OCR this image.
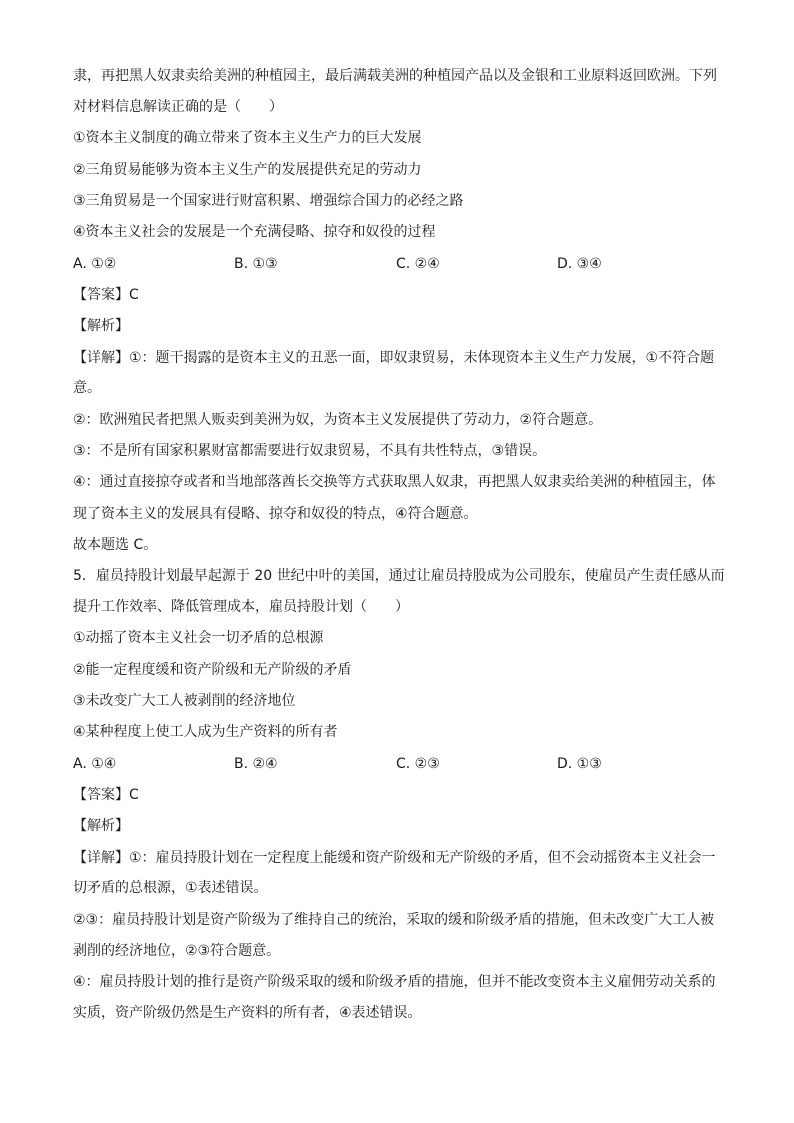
隶，再把黑人奴隶卖给美洲的种植园主，最后满载美洲的种植园产品以及金银和工业原料返回欧洲。下列
对材料信息解读正确的是（　　）
①资本主义制度的确立带来了资本主义生产力的巨大发展
②三角贸易能够为资本主义生产的发展提供充足的劳动力
③三角贸易是一个国家进行财富积累、增强综合国力的必经之路
④资本主义社会的发展是一个充满侵略、掠夺和奴役的过程
A. ①②	B. ①③	C. ②④	D. ③④
【答案】C
【解析】
【详解】①：题干揭露的是资本主义的丑恶一面，即奴隶贸易，未体现资本主义生产力发展，①不符合题
意。
②：欧洲殖民者把黑人贩卖到美洲为奴，为资本主义发展提供了劳动力，②符合题意。
③：不是所有国家积累财富都需要进行奴隶贸易，不具有共性特点，③错误。
④：通过直接掠夺或者和当地部落酋长交换等方式获取黑人奴隶，再把黑人奴隶卖给美洲的种植园主，体
现了资本主义的发展具有侵略、掠夺和奴役的特点，④符合题意。
故本题选 C。
5．雇员持股计划最早起源于 20 世纪中叶的美国，通过让雇员持股成为公司股东，使雇员产生责任感从而
提升工作效率、降低管理成本，雇员持股计划（　　）
①动摇了资本主义社会一切矛盾的总根源
②能一定程度缓和资产阶级和无产阶级的矛盾
③未改变广大工人被剥削的经济地位
④某种程度上使工人成为生产资料的所有者
A. ①④	B. ②④	C. ②③	D. ①③
【答案】C
【解析】
【详解】①：雇员持股计划在一定程度上能缓和资产阶级和无产阶级的矛盾，但不会动摇资本主义社会一
切矛盾的总根源，①表述错误。
②③：雇员持股计划是资产阶级为了维持自己的统治，采取的缓和阶级矛盾的措施，但未改变广大工人被
剥削的经济地位，②③符合题意。
④：雇员持股计划的推行是资产阶级采取的缓和阶级矛盾的措施，但并不能改变资本主义雇佣劳动关系的
实质，资产阶级仍然是生产资料的所有者，④表述错误。
